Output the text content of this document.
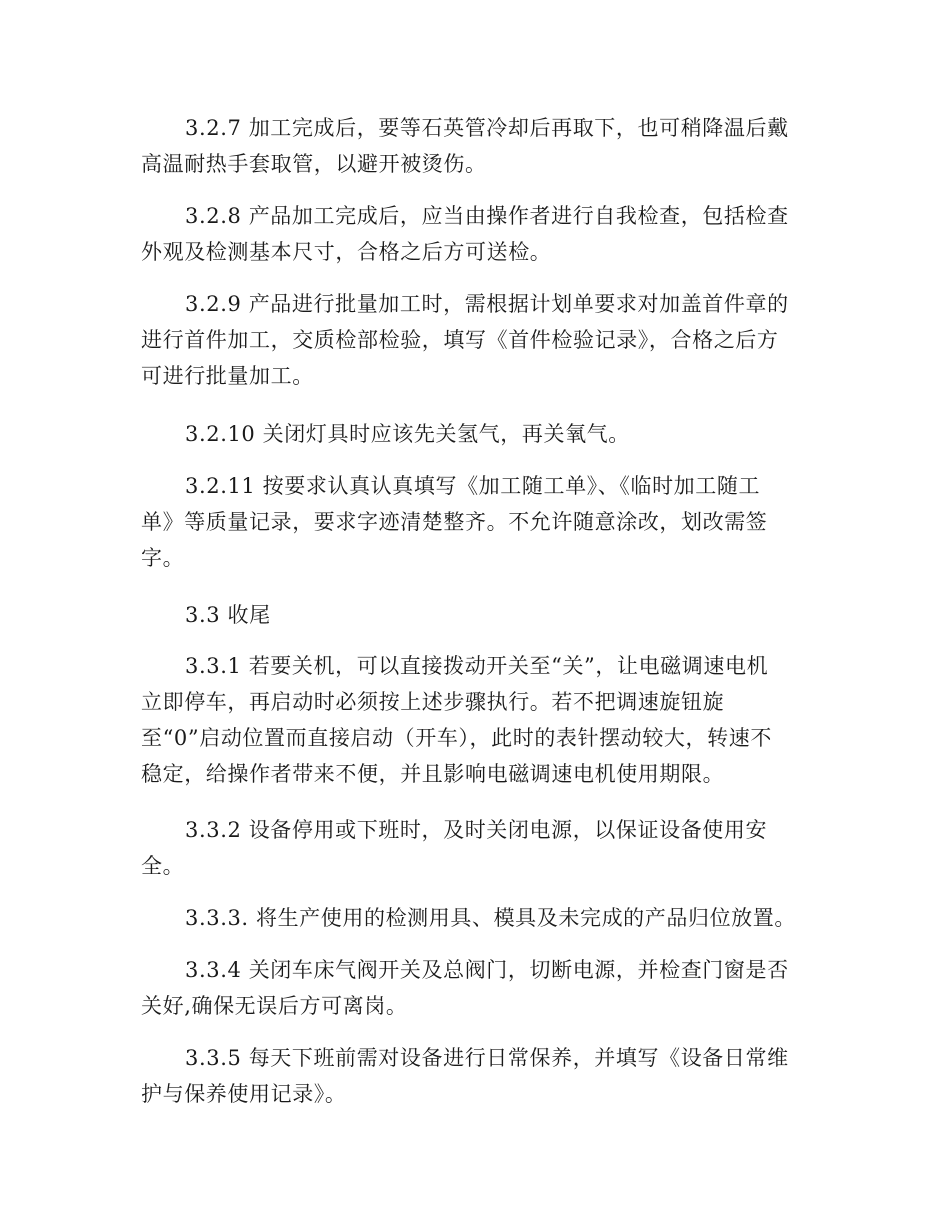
3.2.7 加工完成后，要等石英管冷却后再取下，也可稍降温后戴
高温耐热手套取管，以避开被烫伤。

3.2.8 产品加工完成后，应当由操作者进行自我检查，包括检查
外观及检测基本尺寸，合格之后方可送检。

3.2.9 产品进行批量加工时，需根据计划单要求对加盖首件章的
进行首件加工，交质检部检验，填写《首件检验记录》，合格之后方
可进行批量加工。

3.2.10 关闭灯具时应该先关氢气，再关氧气。

3.2.11 按要求认真认真填写《加工随工单》、《临时加工随工
单》等质量记录，要求字迹清楚整齐。不允许随意涂改，划改需签
字。

3.3 收尾

3.3.1 若要关机，可以直接拨动开关至“关”，让电磁调速电机
立即停车，再启动时必须按上述步骤执行。若不把调速旋钮旋
至“0”启动位置而直接启动（开车），此时的表针摆动较大，转速不
稳定，给操作者带来不便，并且影响电磁调速电机使用期限。

3.3.2 设备停用或下班时，及时关闭电源，以保证设备使用安
全。

3.3.3. 将生产使用的检测用具、模具及未完成的产品归位放置。

3.3.4 关闭车床气阀开关及总阀门，切断电源，并检查门窗是否
关好,确保无误后方可离岗。

3.3.5 每天下班前需对设备进行日常保养，并填写《设备日常维
护与保养使用记录》。
